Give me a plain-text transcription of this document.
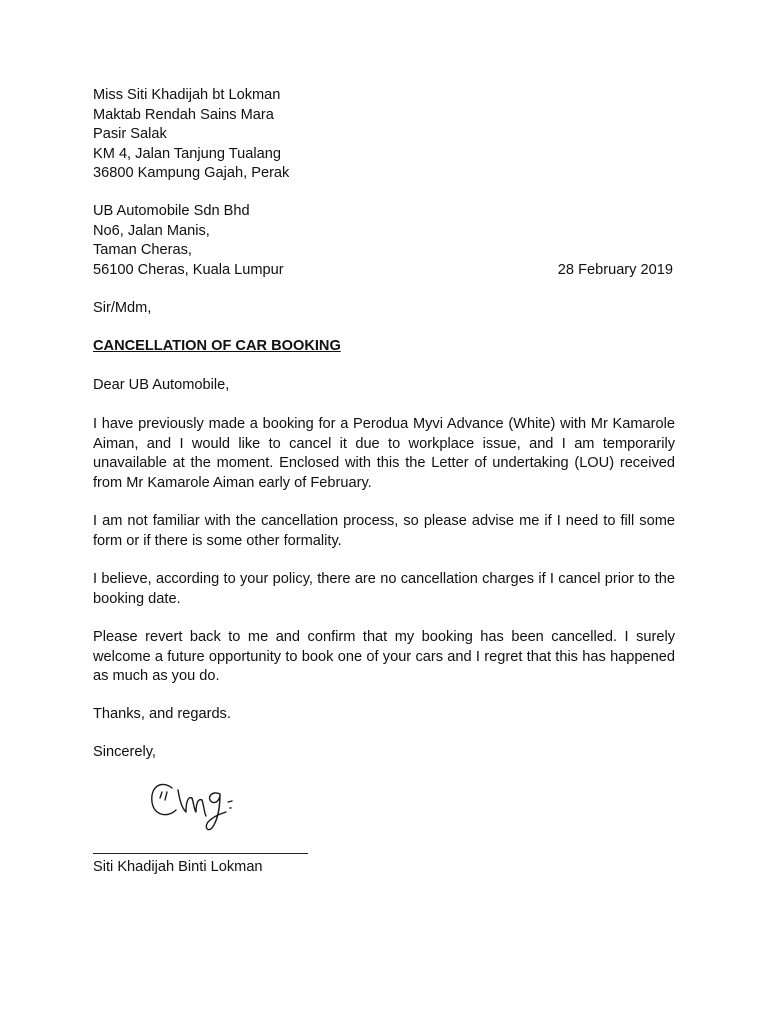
Miss Siti Khadijah bt Lokman
Maktab Rendah Sains Mara
Pasir Salak
KM 4, Jalan Tanjung Tualang
36800 Kampung Gajah, Perak
UB Automobile Sdn Bhd
No6, Jalan Manis,
Taman Cheras,
56100 Cheras, Kuala Lumpur	28 February 2019
Sir/Mdm,
CANCELLATION OF CAR BOOKING
Dear UB Automobile,
I have previously made a booking for a Perodua Myvi Advance (White) with Mr Kamarole Aiman, and I would like to cancel it due to workplace issue, and I am temporarily unavailable at the moment. Enclosed with this the Letter of undertaking (LOU) received from Mr Kamarole Aiman early of February.
I am not familiar with the cancellation process, so please advise me if I need to fill some form or if there is some other formality.
I believe, according to your policy, there are no cancellation charges if I cancel prior to the booking date.
Please revert back to me and confirm that my booking has been cancelled. I surely welcome a future opportunity to book one of your cars and I regret that this has happened as much as you do.
Thanks, and regards.
Sincerely,
Siti Khadijah Binti Lokman
